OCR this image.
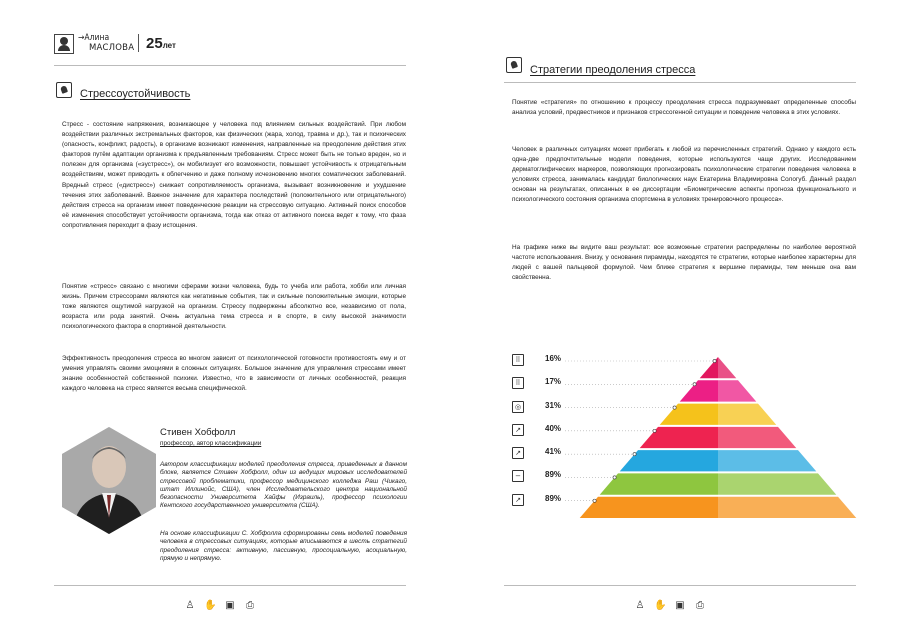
→Алина
МАСЛОВА 25лет
Стрессоустойчивость

Стресс - состояние напряжения, возникающее у человека под влиянием сильных воздействий. При любом воздействии различных экстремальных факторов, как физических (жара, холод, травма и др.), так и психических (опасность, конфликт, радость), в организме возникают изменения, направленные на преодоление действия этих факторов путём адаптации организма к предъявленным требованиям. Стресс может быть не только вреден, но и полезен для организма («эустресс»), он мобилизует его возможности, повышает устойчивость к отрицательным воздействиям, может приводить к облегчению и даже полному исчезновению многих соматических заболеваний. Вредный стресс («дистресс») снижает сопротивляемость организма, вызывает возникновение и ухудшение течения этих заболеваний. Важное значение для характера последствий (положительного или отрицательного) действия стресса на организм имеет поведенческие реакции на стрессовую ситуацию. Активный поиск способов её изменения способствует устойчивости организма, тогда как отказ от активного поиска ведет к тому, что фаза сопротивления переходит в фазу истощения.

Понятие «стресс» связано с многими сферами жизни человека, будь то учеба или работа, хобби или личная жизнь. Причем стрессорами являются как негативные события, так и сильные положительные эмоции, которые тоже являются ощутимой нагрузкой на организм. Стрессу подвержены абсолютно все, независимо от пола, возраста или рода занятий. Очень актуальна тема стресса и в спорте, в силу высокой значимости психологического фактора в спортивной деятельности.

Эффективность преодоления стресса во многом зависит от психологической готовности противостоять ему и от умения управлять своими эмоциями в сложных ситуациях. Большое значение для управления стрессами имеет знание особенностей собственной психики. Известно, что в зависимости от личных особенностей, реакция каждого человека на стресс является весьма специфической.

Стивен Хобфолл
профессор, автор классификации

Автором классификации моделей преодоления стресса, приведенных в данном блоке, является Стивен Хобфолл, один из ведущих мировых исследователей стрессовой проблематики, профессор медицинского колледжа Раш (Чикаго, штат Иллинойс, США), член Исследовательского центра национальной безопасности Университета Хайфы (Израиль), профессор психологии Кентского государственного университета (США).

На основе классификации С. Хобфолла сформированы семь моделей поведения человека в стрессовых ситуациях, которые вписываются в шесть стратегий преодоления стресса: активную, пассивную, просоциальную, асоциальную, прямую и непрямую.

♙ ✋ ▣ ⎙
Стратегии преодоления стресса

Понятие «стратегия» по отношению к процессу преодоления стресса подразумевает определенные способы анализа условий, предвестников и признаков стрессогенной ситуации и поведение человека в этих условиях.

Человек в различных ситуациях может прибегать к любой из перечисленных стратегий. Однако у каждого есть одна-две предпочтительные модели поведения, которые используются чаще других. Исследованием дерматоглифических маркеров, позволяющих прогнозировать психологические стратегии поведения человека в условиях стресса, занималась кандидат биологических наук Екатерина Владимировна Сологуб. Данный раздел основан на результатах, описанных в ее диссертации «Биометрические аспекты прогноза функционального и психологического состояния организма спортсмена в условиях тренировочного процесса».

На графике ниже вы видите ваш результат: все возможные стратегии распределены по наиболее вероятной частоте использования. Внизу, у основания пирамиды, находятся те стратегии, которые наиболее характерны для людей с вашей пальцевой формулой. Чем ближе стратегия к вершине пирамиды, тем меньше она вам свойственна.

♙ ✋ ▣ ⎙
⠿	16%
⠿	17%
◎	31%
↗	40%
↗	41%
−	89%
↗	89%
